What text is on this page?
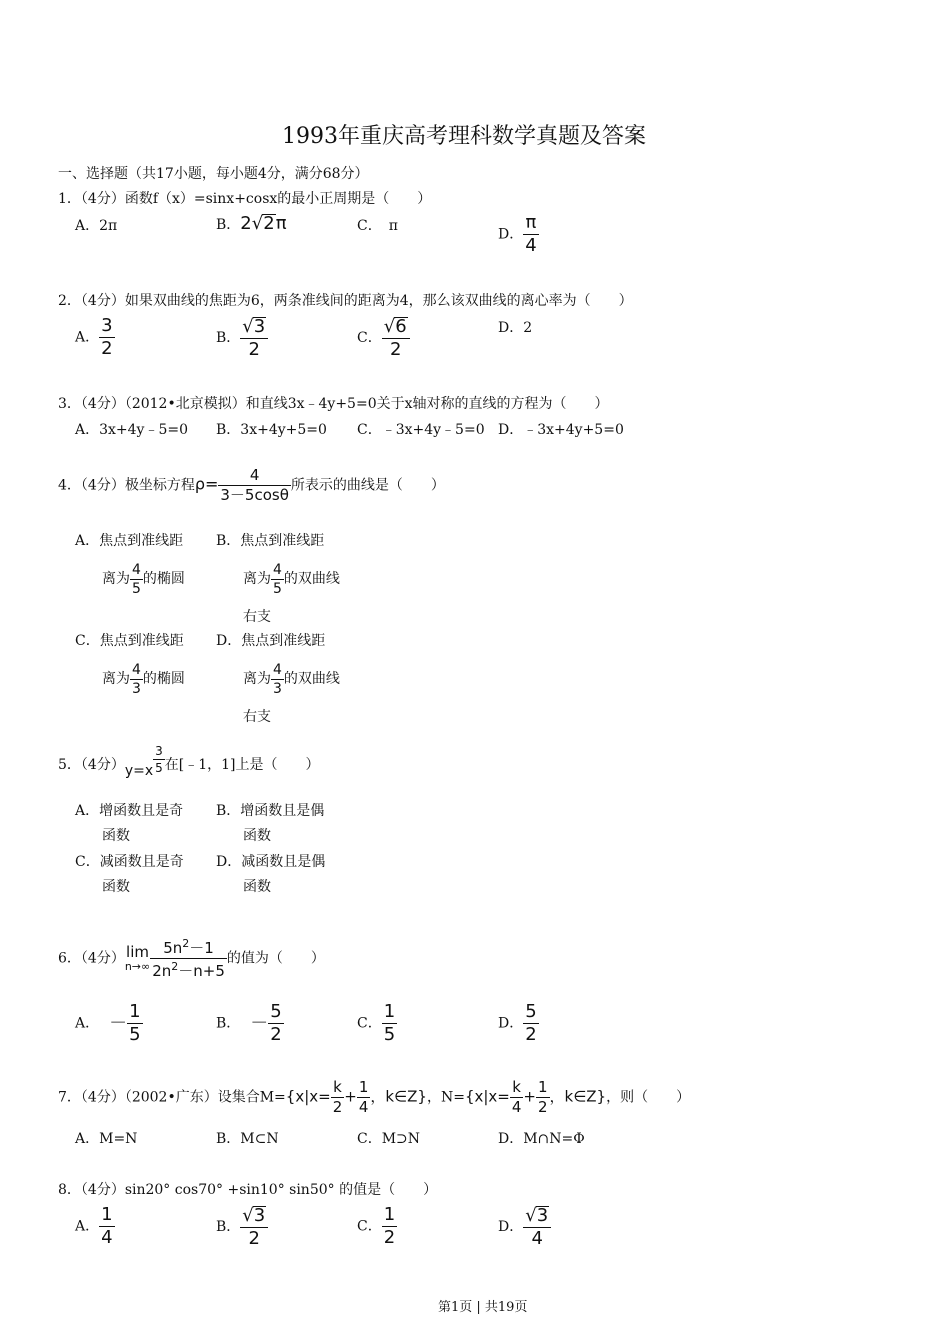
1993年重庆高考理科数学真题及答案
一、选择题（共17小题，每小题4分，满分68分）
1．（4分）函数f（x）=sinx+cosx的最小正周期是（　　）
A．2π	B．2√2π	C．　π
D． $\frac{\pi}{4}$
2．（4分）如果双曲线的焦距为6，两条准线间的距离为4，那么该双曲线的离心率为（　　）
A． $\frac{3}{2}$	B． $\frac{√3}{2}$	C． $\frac{√6}{2}$	D．2
3．（4分）（2012•北京模拟）和直线3x﹣4y+5=0关于x轴对称的直线的方程为（　　）
A．3x+4y﹣5=0 B．3x+4y+5=0 C．﹣3x+4y﹣5=0 D．﹣3x+4y+5=0
4．（4分）极坐标方程$\rho= \frac{4}{3-5\cos\theta}$ 所表示的曲线是（　　）
A．焦点到准线距
离为 $\frac{4}{5}$ 的椭圆
B．焦点到准线距
离为 $\frac{4}{5}$ 的双曲线
右支
C．焦点到准线距
离为 $\frac{4}{3}$ 的椭圆
D．焦点到准线距
离为 $\frac{4}{3}$ 的双曲线
右支
5．（4分）$y=x \frac{3}{5}$ 在[﹣1，1]上是（　　）
A．增函数且是奇
函数
B．增函数且是偶
函数
C．减函数且是奇
函数
D．减函数且是偶
函数
6．（4分） lim
$n\to\infty \frac{5n^2-1}{2n^2-n+5}$ 的值为（　　）
A． － $\frac{1}{5}$	B． － $\frac{5}{2}$	C． $\frac{1}{5}$	D． $\frac{5}{2}$
7．（4分）（2002•广东）设集合$M=\{x|x= \frac{k}{2} + \frac{1}{4}$ ，k∈Z}，$N=\{x|x= \frac{k}{4} + \frac{1}{2}$ ，k∈Z}，则（　　）
A．M=N	B．M⊂N	C．M⊃N	D．M∩N=Φ
8．（4分）sin20° cos70° +sin10° sin50° 的值是（　　）
A． $\frac{1}{4}$	B． $\frac{√3}{2}$	C． $\frac{1}{2}$	D． $\frac{√3}{4}$
第1页 | 共19页
